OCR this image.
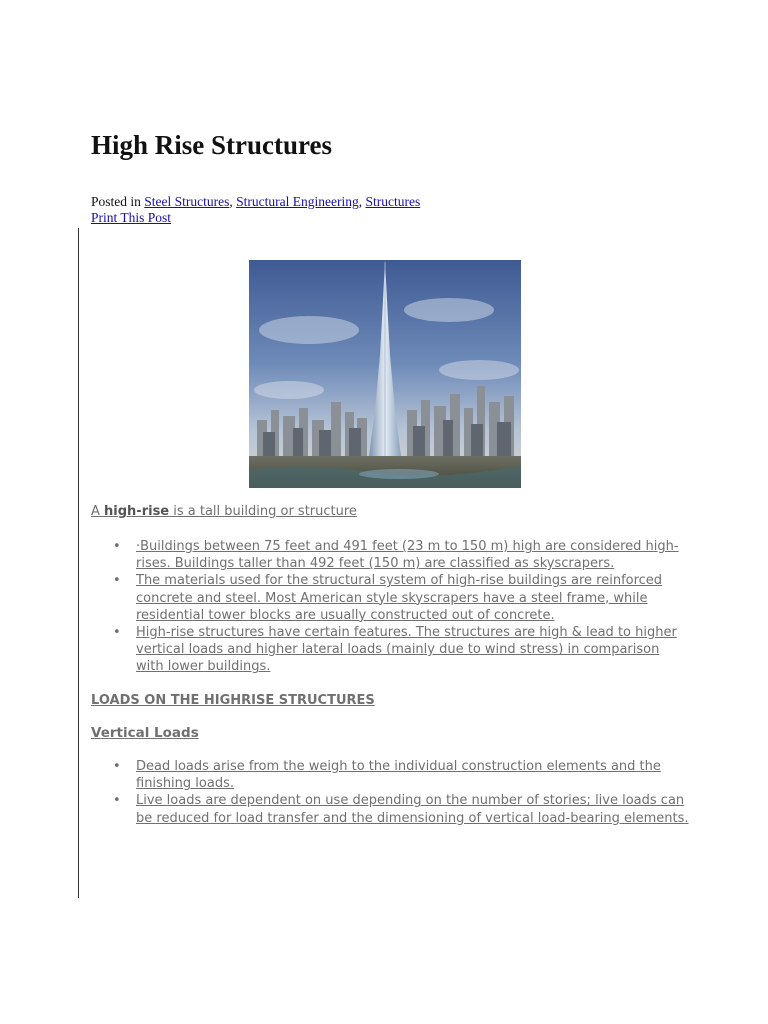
High Rise Structures
Posted in Steel Structures, Structural Engineering, Structures
Print This Post

A high-rise is a tall building or structure

• ·Buildings between 75 feet and 491 feet (23 m to 150 m) high are considered high-rises. Buildings taller than 492 feet (150 m) are classified as skyscrapers.
• The materials used for the structural system of high-rise buildings are reinforced concrete and steel. Most American style skyscrapers have a steel frame, while residential tower blocks are usually constructed out of concrete.
• High-rise structures have certain features. The structures are high & lead to higher vertical loads and higher lateral loads (mainly due to wind stress) in comparison with lower buildings.

LOADS ON THE HIGHRISE STRUCTURES

Vertical Loads

• Dead loads arise from the weigh to the individual construction elements and the finishing loads.
• Live loads are dependent on use depending on the number of stories; live loads can be reduced for load transfer and the dimensioning of vertical load-bearing elements.
